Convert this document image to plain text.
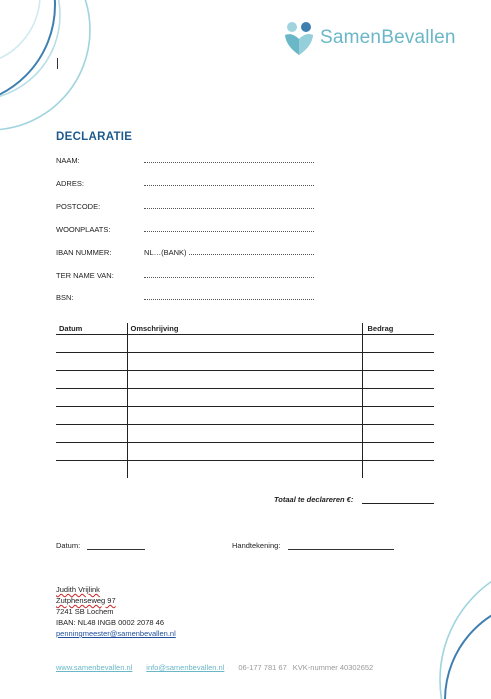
SamenBevallen
DECLARATIE
NAAM:
ADRES:
POSTCODE:
WOONPLAATS:
IBAN NUMMER:	NL…(BANK)
TER NAME VAN:
BSN:
Datum	Omschrijving	Bedrag

Totaal te declareren €:
Datum:	Handtekening:
Judith Vrijlink
Zutphenseweg 97
7241 SB Lochem
IBAN: NL48 INGB 0002 2078 46
penningmeester@samenbevallen.nl
www.samenbevallen.nl info@samenbevallen.nl 06-177 781 67 KVK-nummer 40302652
